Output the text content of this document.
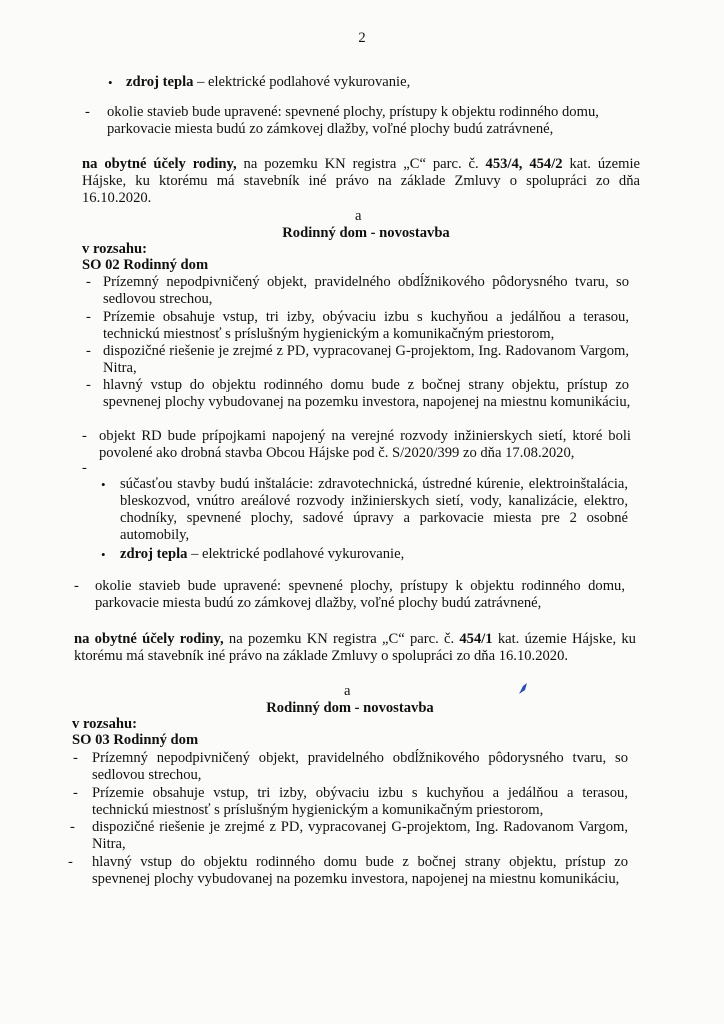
2
• zdroj tepla – elektrické podlahové vykurovanie,
-	okolie stavieb bude upravené: spevnené plochy, prístupy k objektu rodinného domu,
parkovacie miesta budú zo zámkovej dlažby, voľné plochy budú zatrávnené,
na obytné účely rodiny, na pozemku KN registra „C“ parc. č. 453/4, 454/2 kat. územie
Hájske, ku ktorému má stavebník iné právo na základe Zmluvy o spolupráci zo dňa
16.10.2020.
a
Rodinný dom - novostavba
v rozsahu:
SO 02 Rodinný dom
- Prízemný nepodpivničený objekt, pravidelného obdĺžnikového pôdorysného tvaru, so
sedlovou strechou,
- Prízemie obsahuje vstup, tri izby, obývaciu izbu s kuchyňou a jedálňou a terasou,
technickú miestnosť s príslušným hygienickým a komunikačným priestorom,
- dispozičné riešenie je zrejmé z PD, vypracovanej G-projektom, Ing. Radovanom Vargom,
Nitra,
- hlavný vstup do objektu rodinného domu bude z bočnej strany objektu, prístup zo
spevnenej plochy vybudovanej na pozemku investora, napojenej na miestnu komunikáciu,
- objekt RD bude prípojkami napojený na verejné rozvody inžinierskych sietí, ktoré boli
povolené ako drobná stavba Obcou Hájske pod č. S/2020/399 zo dňa 17.08.2020,
-
• súčasťou stavby budú inštalácie: zdravotechnická, ústredné kúrenie, elektroinštalácia,
bleskozvod, vnútro areálové rozvody inžinierskych sietí, vody, kanalizácie, elektro,
chodníky, spevnené plochy, sadové úpravy a parkovacie miesta pre 2 osobné
automobily,
• zdroj tepla – elektrické podlahové vykurovanie,
-	okolie stavieb bude upravené: spevnené plochy, prístupy k objektu rodinného domu,
parkovacie miesta budú zo zámkovej dlažby, voľné plochy budú zatrávnené,
na obytné účely rodiny, na pozemku KN registra „C“ parc. č. 454/1 kat. územie Hájske, ku
ktorému má stavebník iné právo na základe Zmluvy o spolupráci zo dňa 16.10.2020.
a
Rodinný dom - novostavba
v rozsahu:
SO 03 Rodinný dom
- Prízemný nepodpivničený objekt, pravidelného obdĺžnikového pôdorysného tvaru, so
sedlovou strechou,
- Prízemie obsahuje vstup, tri izby, obývaciu izbu s kuchyňou a jedálňou a terasou,
technickú miestnosť s príslušným hygienickým a komunikačným priestorom,
-	dispozičné riešenie je zrejmé z PD, vypracovanej G-projektom, Ing. Radovanom Vargom,
Nitra,
-	hlavný vstup do objektu rodinného domu bude z bočnej strany objektu, prístup zo
spevnenej plochy vybudovanej na pozemku investora, napojenej na miestnu komunikáciu,
